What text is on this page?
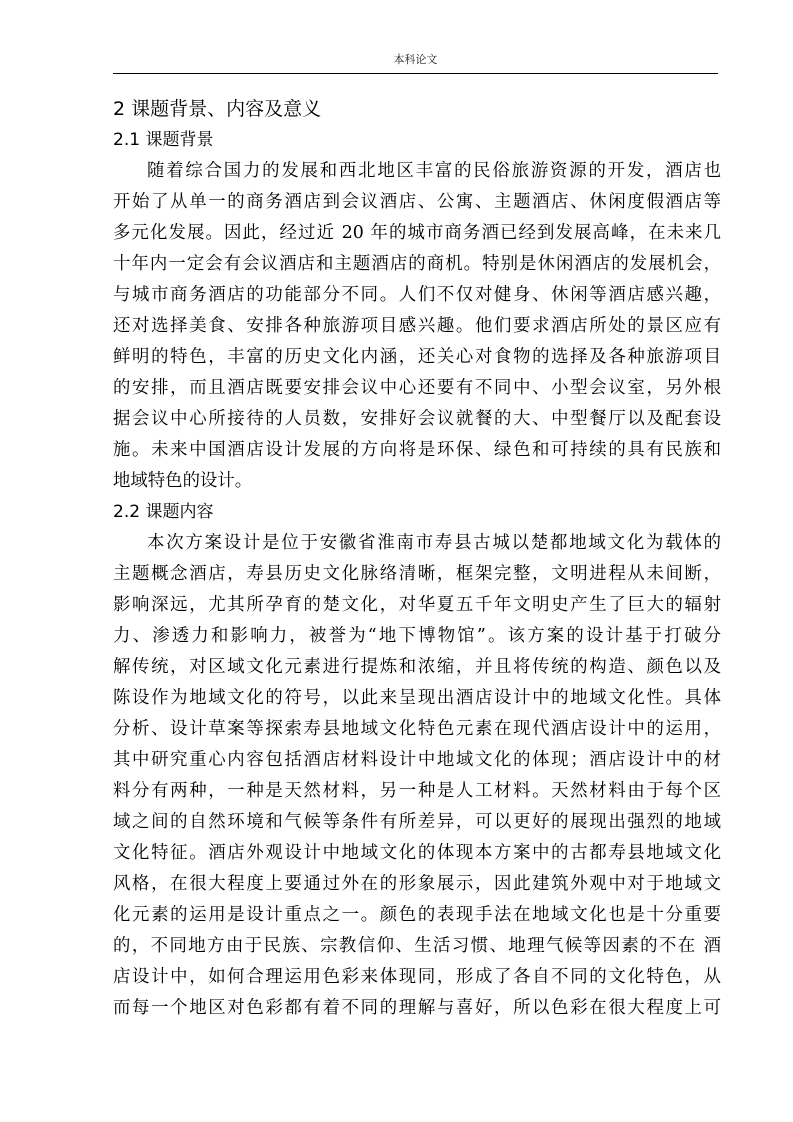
本科论文
2 课题背景、内容及意义
2.1 课题背景
随着综合国力的发展和西北地区丰富的民俗旅游资源的开发，酒店也
开始了从单一的商务酒店到会议酒店、公寓、主题酒店、休闲度假酒店等
多元化发展。因此，经过近 20 年的城市商务酒已经到发展高峰，在未来几
十年内一定会有会议酒店和主题酒店的商机。特别是休闲酒店的发展机会，
与城市商务酒店的功能部分不同。人们不仅对健身、休闲等酒店感兴趣，
还对选择美食、安排各种旅游项目感兴趣。他们要求酒店所处的景区应有
鲜明的特色，丰富的历史文化内涵，还关心对食物的选择及各种旅游项目
的安排，而且酒店既要安排会议中心还要有不同中、小型会议室，另外根
据会议中心所接待的人员数，安排好会议就餐的大、中型餐厅以及配套设
施。未来中国酒店设计发展的方向将是环保、绿色和可持续的具有民族和
地域特色的设计。
2.2 课题内容
本次方案设计是位于安徽省淮南市寿县古城以楚都地域文化为载体的
主题概念酒店，寿县历史文化脉络清晰，框架完整，文明进程从未间断，
影响深远，尤其所孕育的楚文化，对华夏五千年文明史产生了巨大的辐射
力、渗透力和影响力，被誉为“地下博物馆”。该方案的设计基于打破分
解传统，对区域文化元素进行提炼和浓缩，并且将传统的构造、颜色以及
陈设作为地域文化的符号，以此来呈现出酒店设计中的地域文化性。具体
分析、设计草案等探索寿县地域文化特色元素在现代酒店设计中的运用，
其中研究重心内容包括酒店材料设计中地域文化的体现；酒店设计中的材
料分有两种，一种是天然材料，另一种是人工材料。天然材料由于每个区
域之间的自然环境和气候等条件有所差异，可以更好的展现出强烈的地域
文化特征。酒店外观设计中地域文化的体现本方案中的古都寿县地域文化
风格，在很大程度上要通过外在的形象展示，因此建筑外观中对于地域文
化元素的运用是设计重点之一。颜色的表现手法在地域文化也是十分重要
的，不同地方由于民族、宗教信仰、生活习惯、地理气候等因素的不在 酒
店设计中，如何合理运用色彩来体现同，形成了各自不同的文化特色，从
而每一个地区对色彩都有着不同的理解与喜好，所以色彩在很大程度上可
